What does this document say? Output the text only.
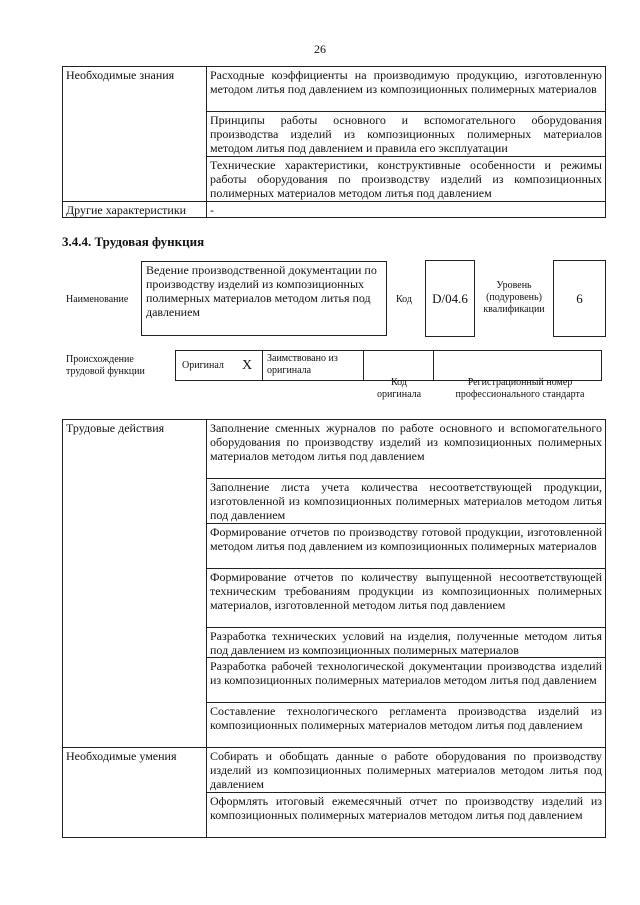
26
Необходимые знания	Расходные коэффициенты на производимую продукцию, изготовленную методом литья под давлением из композиционных полимерных материалов
	Принципы работы основного и вспомогательного оборудования производства изделий из композиционных полимерных материалов методом литья под давлением и правила его эксплуатации
	Технические характеристики, конструктивные особенности и режимы работы оборудования по производству изделий из композиционных полимерных материалов методом литья под давлением
Другие характеристики	-
3.4.4. Трудовая функция
Наименование
Ведение производственной документации по производству изделий из композиционных полимерных материалов методом литья под давлением
Код	D/04.6
Уровень (подуровень) квалификации
6
Происхождение трудовой функции
Оригинал X Заимствовано из оригинала
Код оригинала
Регистрационный номер профессионального стандарта
Трудовые действия	Заполнение сменных журналов по работе основного и вспомогательного оборудования по производству изделий из композиционных полимерных материалов методом литья под давлением
	Заполнение листа учета количества несоответствующей продукции, изготовленной из композиционных полимерных материалов методом литья под давлением
	Формирование отчетов по производству готовой продукции, изготовленной методом литья под давлением из композиционных полимерных материалов
	Формирование отчетов по количеству выпущенной несоответствующей техническим требованиям продукции из композиционных полимерных материалов, изготовленной методом литья под давлением
	Разработка технических условий на изделия, полученные методом литья под давлением из композиционных полимерных материалов
	Разработка рабочей технологической документации производства изделий из композиционных полимерных материалов методом литья под давлением
	Составление технологического регламента производства изделий из композиционных полимерных материалов методом литья под давлением
Необходимые умения	Собирать и обобщать данные о работе оборудования по производству изделий из композиционных полимерных материалов методом литья под давлением
	Оформлять итоговый ежемесячный отчет по производству изделий из композиционных полимерных материалов методом литья под давлением
